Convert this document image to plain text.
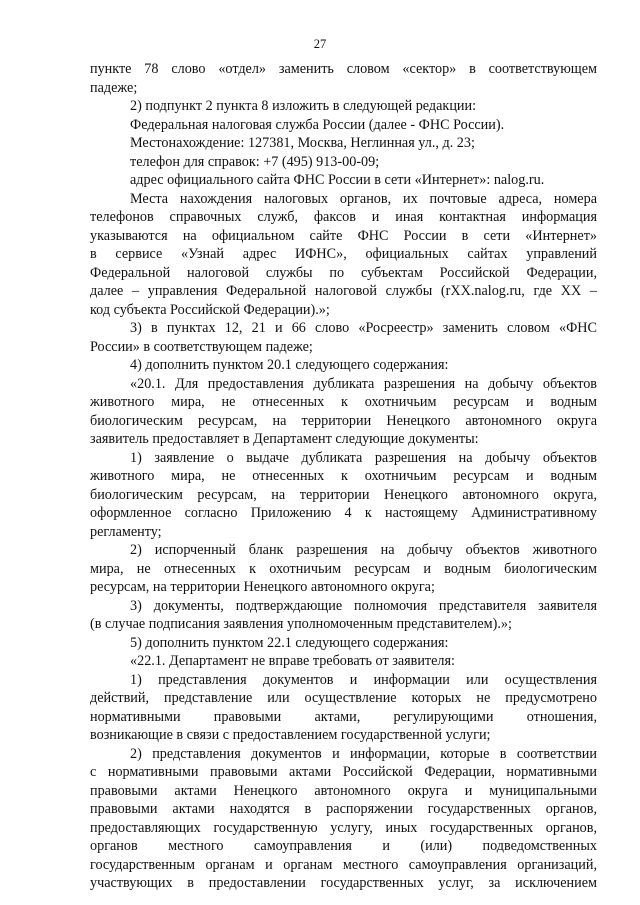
27
пункте 78 слово «отдел» заменить словом «сектор» в соответствующем
падеже;
2) подпункт 2 пункта 8 изложить в следующей редакции:
Федеральная налоговая служба России (далее - ФНС России).
Местонахождение: 127381, Москва, Неглинная ул., д. 23;
телефон для справок: +7 (495) 913-00-09;
адрес официального сайта ФНС России в сети «Интернет»: nalog.ru.
Места нахождения налоговых органов, их почтовые адреса, номера
телефонов справочных служб, факсов и иная контактная информация
указываются на официальном сайте ФНС России в сети «Интернет»
в сервисе «Узнай адрес ИФНС», официальных сайтах управлений
Федеральной налоговой службы по субъектам Российской Федерации,
далее – управления Федеральной налоговой службы (rXX.nalog.ru, где XX –
код субъекта Российской Федерации).»;
3) в пунктах 12, 21 и 66 слово «Росреестр» заменить словом «ФНС
России» в соответствующем падеже;
4) дополнить пунктом 20.1 следующего содержания:
«20.1. Для предоставления дубликата разрешения на добычу объектов
животного мира, не отнесенных к охотничьим ресурсам и водным
биологическим ресурсам, на территории Ненецкого автономного округа
заявитель предоставляет в Департамент следующие документы:
1) заявление о выдаче дубликата разрешения на добычу объектов
животного мира, не отнесенных к охотничьим ресурсам и водным
биологическим ресурсам, на территории Ненецкого автономного округа,
оформленное согласно Приложению 4 к настоящему Административному
регламенту;
2) испорченный бланк разрешения на добычу объектов животного
мира, не отнесенных к охотничьим ресурсам и водным биологическим
ресурсам, на территории Ненецкого автономного округа;
3) документы, подтверждающие полномочия представителя заявителя
(в случае подписания заявления уполномоченным представителем).»;
5) дополнить пунктом 22.1 следующего содержания:
«22.1. Департамент не вправе требовать от заявителя:
1) представления документов и информации или осуществления
действий, представление или осуществление которых не предусмотрено
нормативными правовыми актами, регулирующими отношения,
возникающие в связи с предоставлением государственной услуги;
2) представления документов и информации, которые в соответствии
с нормативными правовыми актами Российской Федерации, нормативными
правовыми актами Ненецкого автономного округа и муниципальными
правовыми актами находятся в распоряжении государственных органов,
предоставляющих государственную услугу, иных государственных органов,
органов местного самоуправления и (или) подведомственных
государственным органам и органам местного самоуправления организаций,
участвующих в предоставлении государственных услуг, за исключением
